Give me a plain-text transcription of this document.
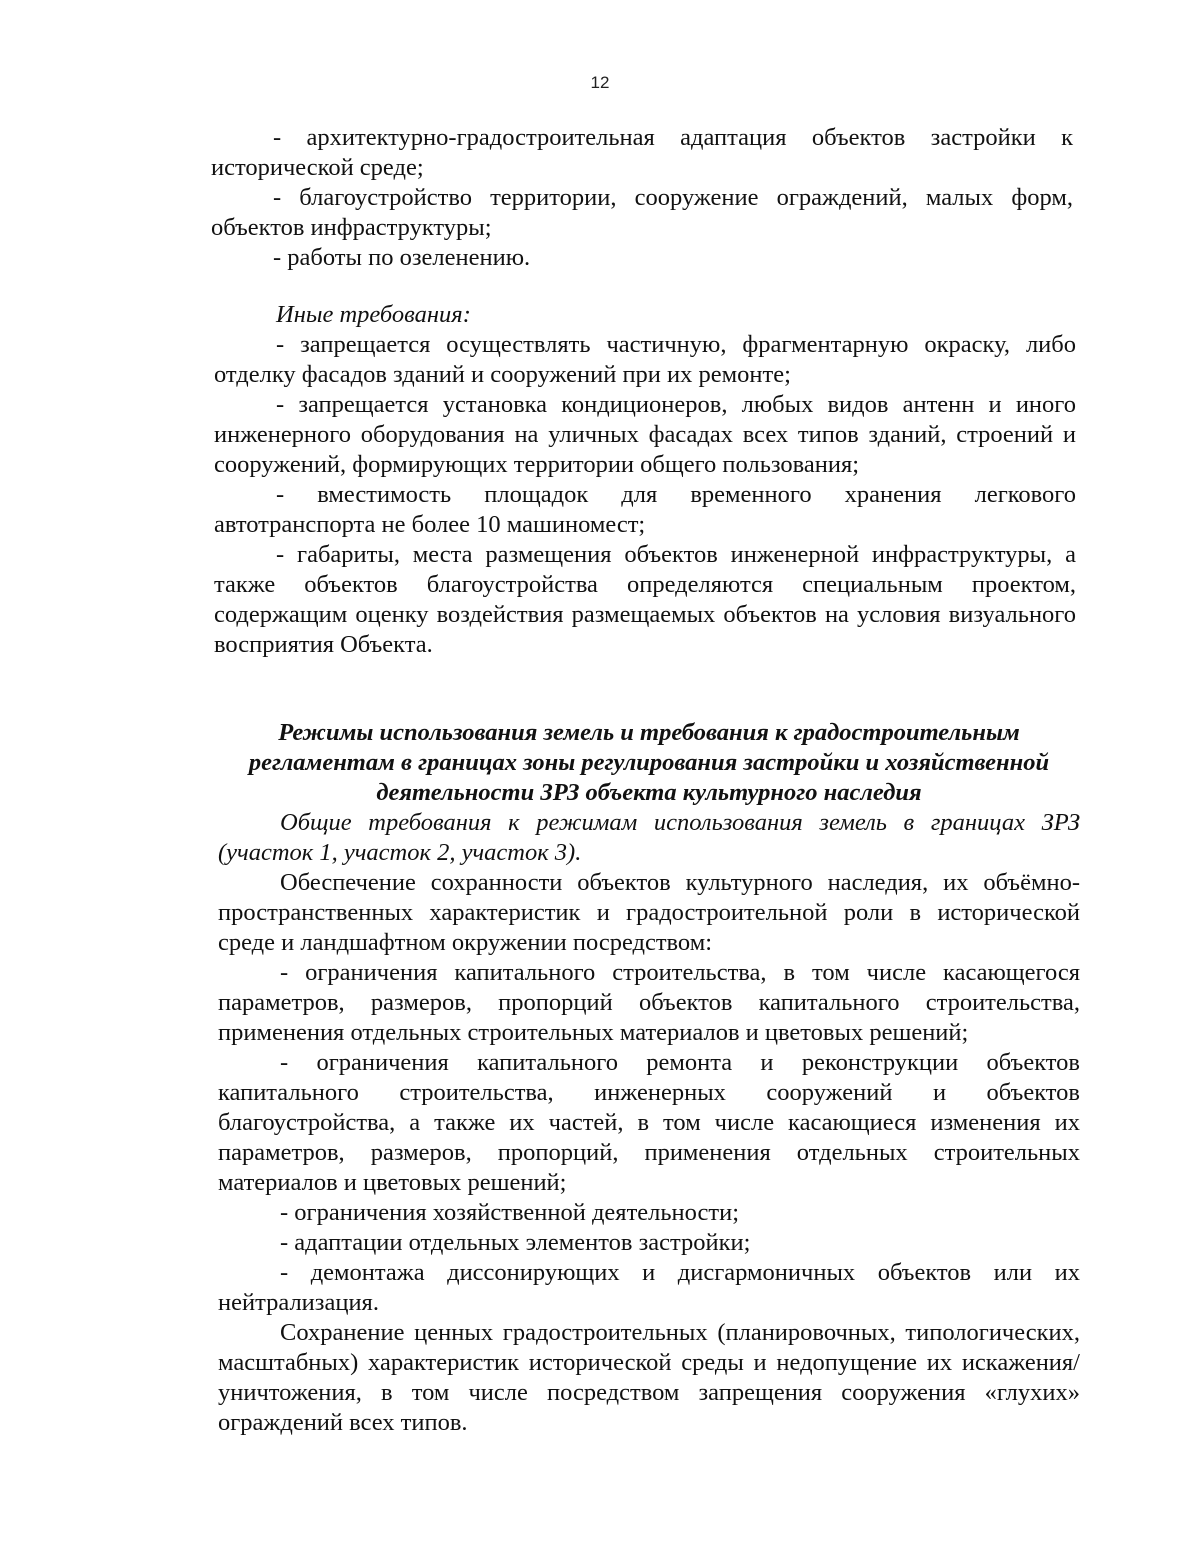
12

- архитектурно-градостроительная адаптация объектов застройки к исторической среде;

- благоустройство территории, сооружение ограждений, малых форм, объектов инфраструктуры;

- работы по озеленению.

Иные требования:

- запрещается осуществлять частичную, фрагментарную окраску, либо отделку фасадов зданий и сооружений при их ремонте;

- запрещается установка кондиционеров, любых видов антенн и иного инженерного оборудования на уличных фасадах всех типов зданий, строений и сооружений, формирующих территории общего пользования;

- вместимость площадок для временного хранения легкового автотранспорта не более 10 машиномест;

- габариты, места размещения объектов инженерной инфраструктуры, а также объектов благоустройства определяются специальным проектом, содержащим оценку воздействия размещаемых объектов на условия визуального восприятия Объекта.

Режимы использования земель и требования к градостроительным
регламентам в границах зоны регулирования застройки и хозяйственной
деятельности ЗРЗ объекта культурного наследия

Общие требования к режимам использования земель в границах ЗРЗ (участок 1, участок 2, участок 3).

Обеспечение сохранности объектов культурного наследия, их объёмно-пространственных характеристик и градостроительной роли в исторической среде и ландшафтном окружении посредством:

- ограничения капитального строительства, в том числе касающегося параметров, размеров, пропорций объектов капитального строительства, применения отдельных строительных материалов и цветовых решений;

- ограничения капитального ремонта и реконструкции объектов капитального строительства, инженерных сооружений и объектов благоустройства, а также их частей, в том числе касающиеся изменения их параметров, размеров, пропорций, применения отдельных строительных материалов и цветовых решений;

- ограничения хозяйственной деятельности;

- адаптации отдельных элементов застройки;

- демонтажа диссонирующих и дисгармоничных объектов или их нейтрализация.

Сохранение ценных градостроительных (планировочных, типологических, масштабных) характеристик исторической среды и недопущение их искажения/уничтожения, в том числе посредством запрещения сооружения «глухих» ограждений всех типов.
